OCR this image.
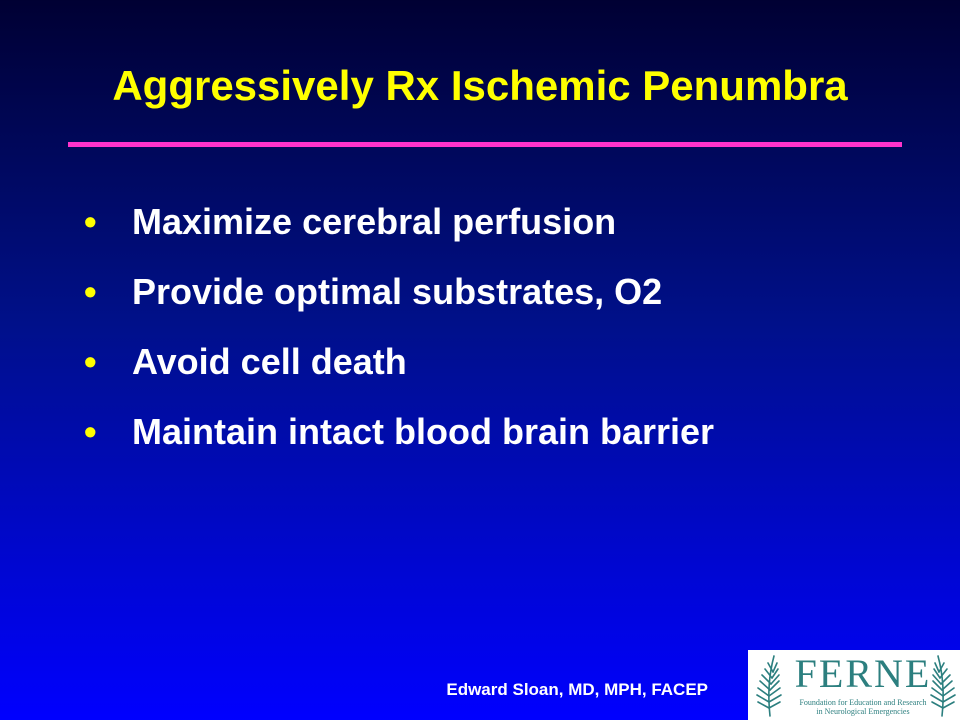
Aggressively Rx Ischemic Penumbra
• Maximize cerebral perfusion
• Provide optimal substrates, O2
• Avoid cell death
• Maintain intact blood brain barrier
Edward Sloan, MD, MPH, FACEP FERNE
Foundation for Education and Research
in Neurological Emergencies
